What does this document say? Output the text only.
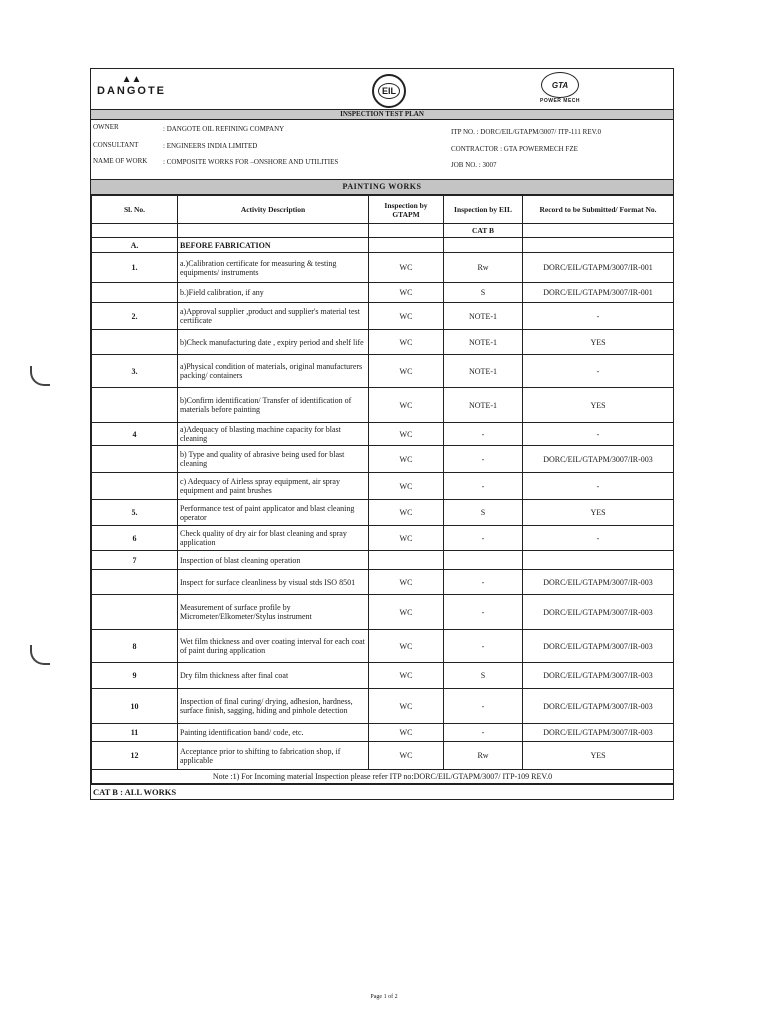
▲▲
DANGOTE	EIL
GTA
POWER MECH
INSPECTION TEST PLAN
OWNER	: DANGOTE OIL REFINING COMPANY	ITP NO. : DORC/EIL/GTAPM/3007/ ITP-111 REV.0
CONSULTANT	: ENGINEERS INDIA LIMITED	CONTRACTOR : GTA POWERMECH FZE
NAME OF WORK : COMPOSITE WORKS FOR –ONSHORE AND UTILITIES	JOB NO. : 3007
PAINTING WORKS
Sl. No.	Activity Description	Inspection by GTAPM	Inspection by EIL	Record to be Submitted/ Format No.
			CAT B	
A.	BEFORE FABRICATION			
1.	a.)Calibration certificate for measuring & testing equipments/ instruments	WC	Rw	DORC/EIL/GTAPM/3007/IR-001
	b.)Field calibration, if any	WC	S	DORC/EIL/GTAPM/3007/IR-001
2.	a)Approval supplier ,product and supplier's material test certificate	WC	NOTE-1	-
	b)Check manufacturing date , expiry period and shelf life	WC	NOTE-1	YES
3.	a)Physical condition of materials, original manufacturers packing/ containers	WC	NOTE-1	-
	b)Confirm identification/ Transfer of identification of materials before painting	WC	NOTE-1	YES
4	a)Adequacy of blasting machine capacity for blast cleaning	WC	-	-
	b) Type and quality of abrasive being used for blast cleaning	WC	-	DORC/EIL/GTAPM/3007/IR-003
	c) Adequacy of Airless spray equipment, air spray equipment and paint brushes	WC	-	-
5.	Performance test of paint applicator and blast cleaning operator	WC	S	YES
6	Check quality of dry air for blast cleaning and spray application	WC	-	-
7	Inspection of blast cleaning operation			
	Inspect for surface cleanliness by visual stds ISO 8501	WC	-	DORC/EIL/GTAPM/3007/IR-003
	Measurement of surface profile by Micrometer/Elkometer/Stylus instrument	WC	-	DORC/EIL/GTAPM/3007/IR-003
8	Wet film thickness and over coating interval for each coat of paint during application	WC	-	DORC/EIL/GTAPM/3007/IR-003
9	Dry film thickness after final coat	WC	S	DORC/EIL/GTAPM/3007/IR-003
10	Inspection of final curing/ drying, adhesion, hardness, surface finish, sagging, hiding and pinhole detection	WC	-	DORC/EIL/GTAPM/3007/IR-003
11	Painting identification band/ code, etc.	WC	-	DORC/EIL/GTAPM/3007/IR-003
12	Acceptance prior to shifting to fabrication shop, if applicable	WC	Rw	YES
Note :1) For Incoming material Inspection please refer ITP no:DORC/EIL/GTAPM/3007/ ITP-109 REV.0				
CAT B : ALL WORKS
Page 1 of 2
